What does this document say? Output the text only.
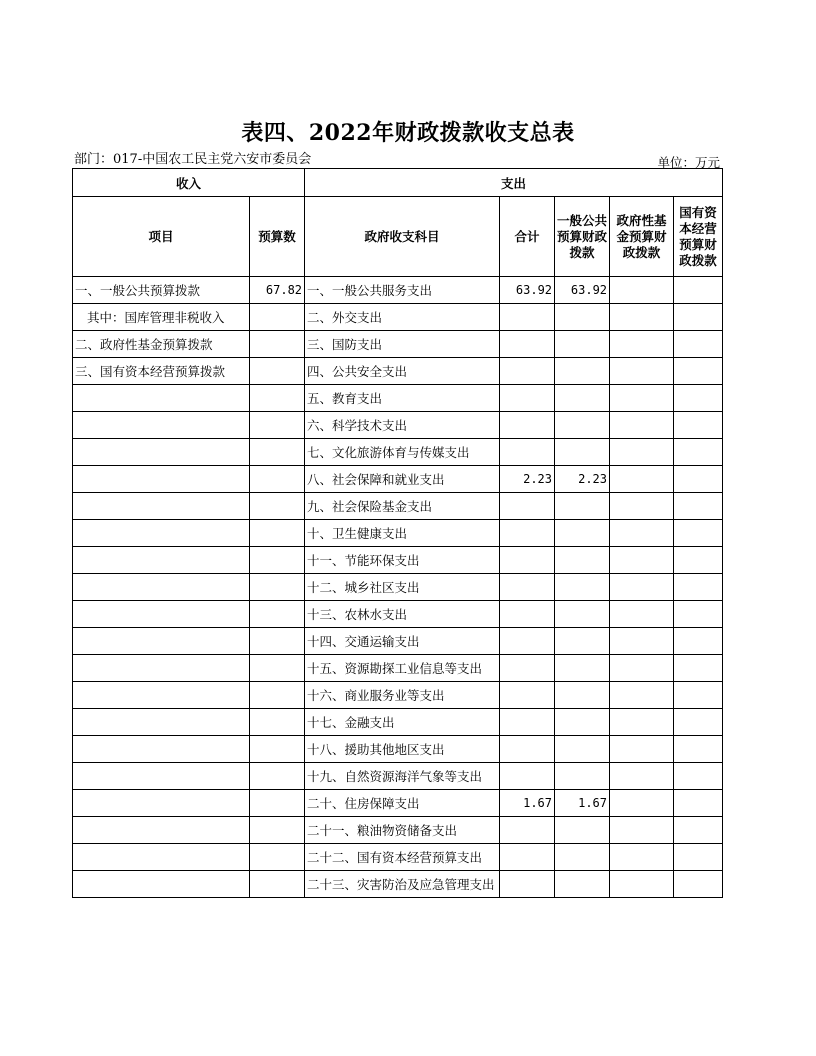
表四、2022年财政拨款收支总表
部门：017-中国农工民主党六安市委员会	单位：万元
收入		支出				
项目	预算数	政府收支科目	合计	一般公共预算财政拨款	政府性基金预算财政拨款	国有资本经营预算财政拨款
一、一般公共预算拨款	67.82	一、一般公共服务支出	63.92	63.92		
其中：国库管理非税收入		二、外交支出				
二、政府性基金预算拨款		三、国防支出				
三、国有资本经营预算拨款		四、公共安全支出				
		五、教育支出				
		六、科学技术支出				
		七、文化旅游体育与传媒支出				
		八、社会保障和就业支出	2.23	2.23		
		九、社会保险基金支出				
		十、卫生健康支出				
		十一、节能环保支出				
		十二、城乡社区支出				
		十三、农林水支出				
		十四、交通运输支出				
		十五、资源勘探工业信息等支出				
		十六、商业服务业等支出				
		十七、金融支出				
		十八、援助其他地区支出				
		十九、自然资源海洋气象等支出				
		二十、住房保障支出	1.67	1.67		
		二十一、粮油物资储备支出				
		二十二、国有资本经营预算支出				
		二十三、灾害防治及应急管理支出				
